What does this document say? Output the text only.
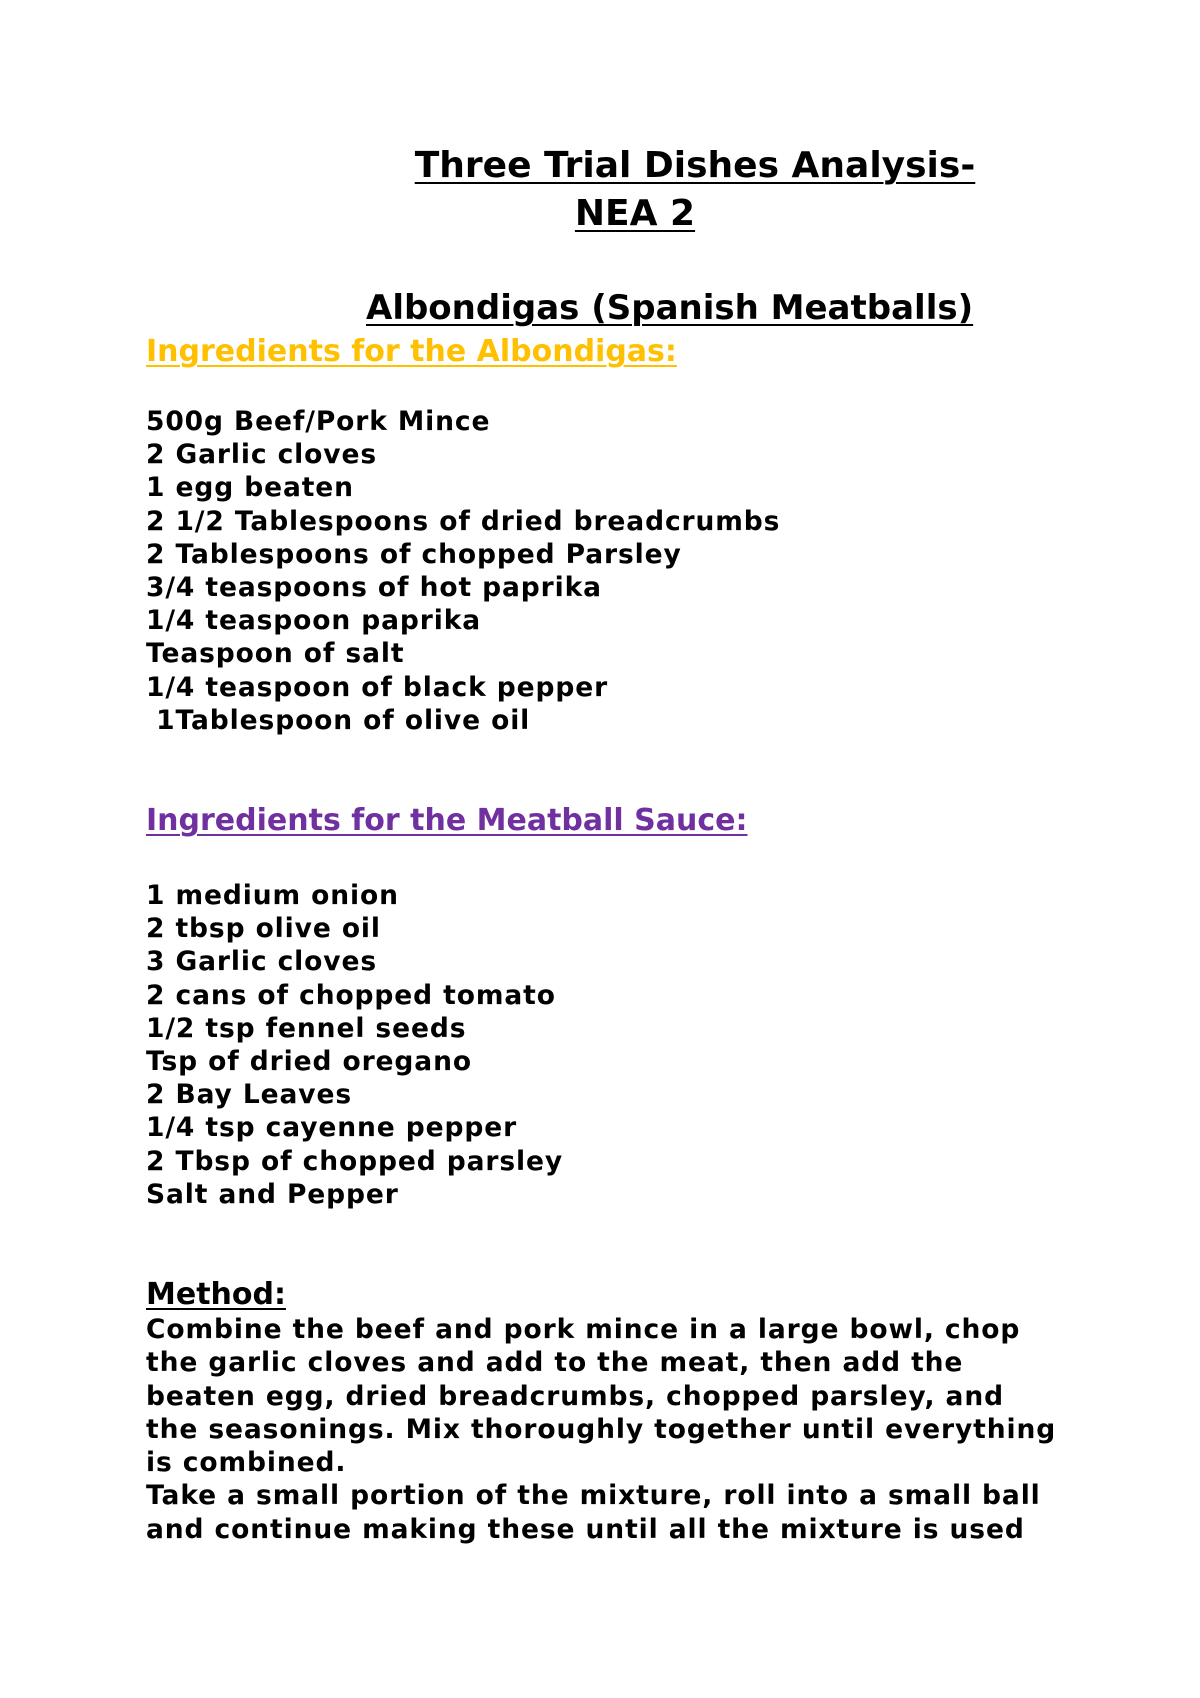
Three Trial Dishes Analysis-
NEA 2
Albondigas (Spanish Meatballs)
Ingredients for the Albondigas:
500g Beef/Pork Mince
2 Garlic cloves
1 egg beaten
2 1/2 Tablespoons of dried breadcrumbs
2 Tablespoons of chopped Parsley
3/4 teaspoons of hot paprika
1/4 teaspoon paprika
Teaspoon of salt
1/4 teaspoon of black pepper
1Tablespoon of olive oil
Ingredients for the Meatball Sauce:
1 medium onion
2 tbsp olive oil
3 Garlic cloves
2 cans of chopped tomato
1/2 tsp fennel seeds
Tsp of dried oregano
2 Bay Leaves
1/4 tsp cayenne pepper
2 Tbsp of chopped parsley
Salt and Pepper
Method:

Combine the beef and pork mince in a large bowl, chop the garlic cloves and add to the meat, then add the beaten egg, dried breadcrumbs, chopped parsley, and the seasonings. Mix thoroughly together until everything is combined.

Take a small portion of the mixture, roll into a small ball and continue making these until all the mixture is used
